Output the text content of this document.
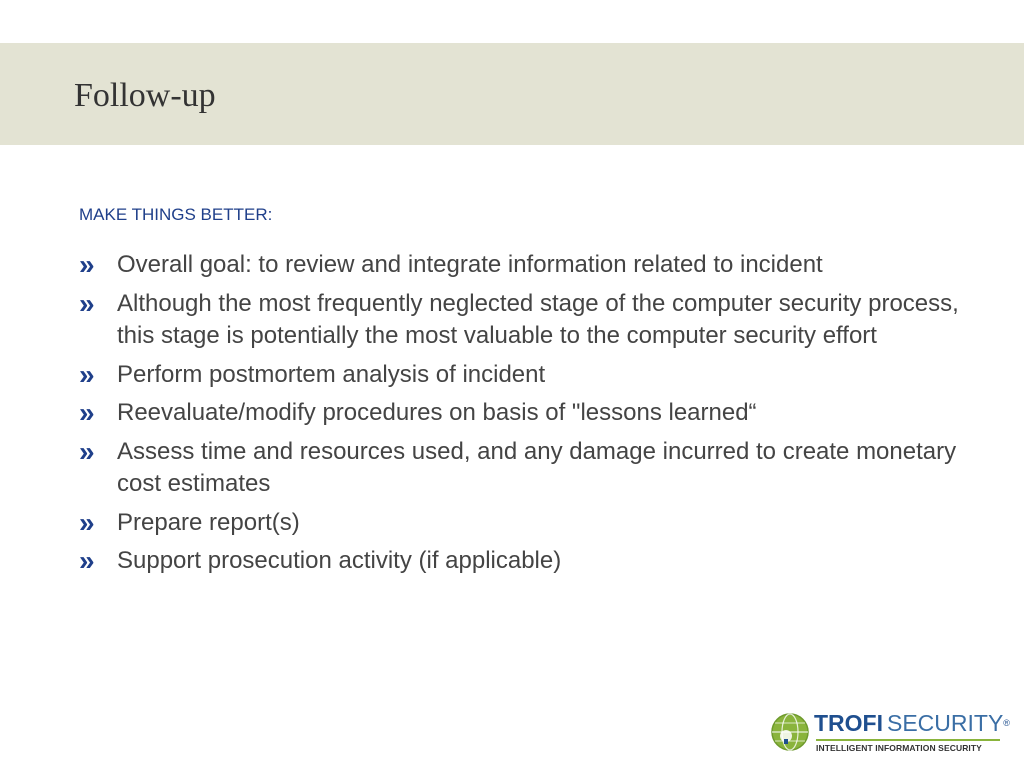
Follow-up
MAKE THINGS BETTER:
» Overall goal: to review and integrate information related to incident
» Although the most frequently neglected stage of the computer security process, this stage is potentially the most valuable to the computer security effort
» Perform postmortem analysis of incident
» Reevaluate/modify procedures on basis of "lessons learned“
» Assess time and resources used, and any damage incurred to create monetary cost estimates
» Prepare report(s)
» Support prosecution activity (if applicable)
TROFI SECURITY®
INTELLIGENT INFORMATION SECURITY
